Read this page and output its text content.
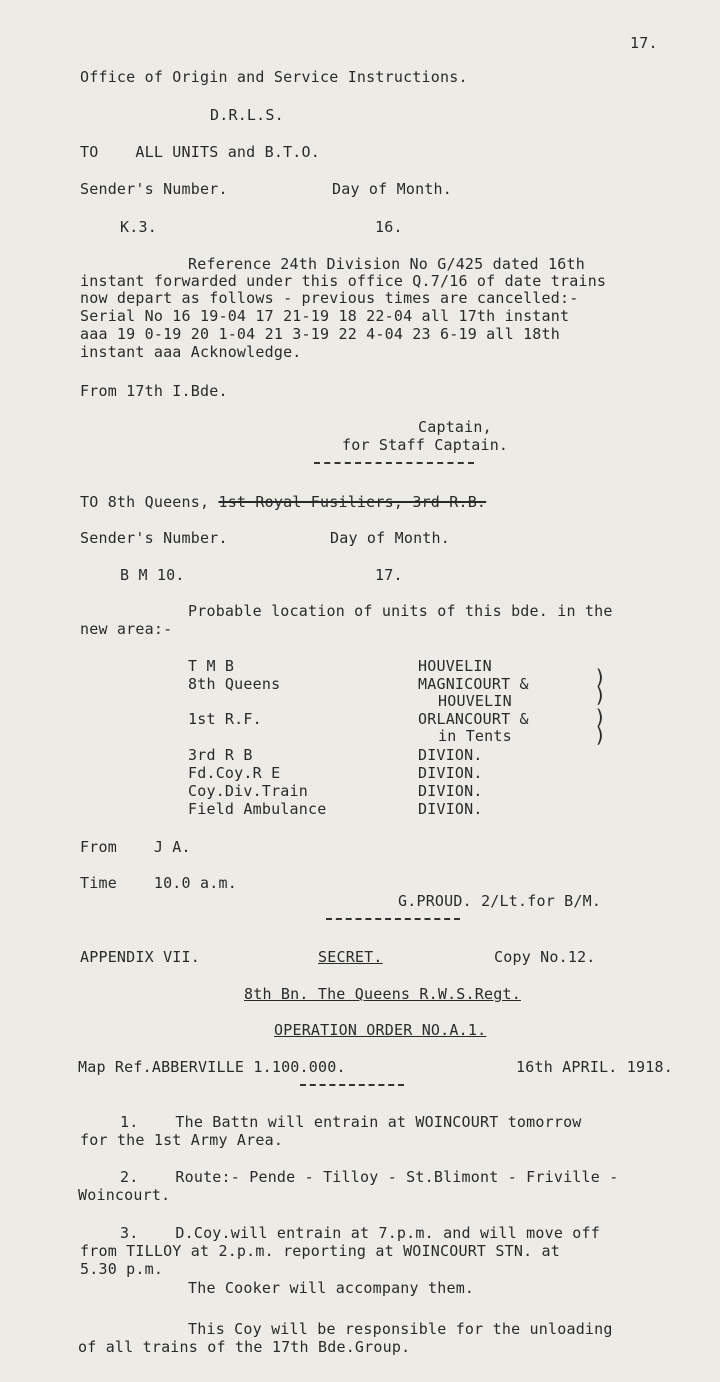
17.
Office of Origin and Service Instructions.
D.R.L.S.
TO    ALL UNITS and B.T.O.
Sender's Number.	Day of Month.
K.3.	16.
Reference 24th Division No G/425 dated 16th
instant forwarded under this office Q.7/16 of date trains
now depart as follows - previous times are cancelled:-
Serial No 16 19-04 17 21-19 18 22-04 all 17th instant
aaa 19 0-19 20 1-04 21 3-19 22 4-04 23 6-19 all 18th
instant aaa Acknowledge.
From 17th I.Bde.
Captain,
for Staff Captain.
TO 8th Queens, 1st Royal Fusiliers, 3rd R.B.
Sender's Number.	Day of Month.
B M 10.	17.
Probable location of units of this bde. in the
new area:-
T M B	HOUVELIN
8th Queens	MAGNICOURT &
HOUVELIN
1st R.F.	ORLANCOURT &
in Tents
3rd R B	DIVION.
Fd.Coy.R E	DIVION.
Coy.Div.Train	DIVION.
Field Ambulance	DIVION.
)
)
)
)
From    J A.
Time    10.0 a.m.
G.PROUD. 2/Lt.for B/M.
APPENDIX VII.	SECRET.	Copy No.12.
8th Bn. The Queens R.W.S.Regt.
OPERATION ORDER NO.A.1.
Map Ref.ABBERVILLE 1.100.000.	16th APRIL. 1918.
1.    The Battn will entrain at WOINCOURT tomorrow
for the 1st Army Area.
2.    Route:- Pende - Tilloy - St.Blimont - Friville -
Woincourt.
3.    D.Coy.will entrain at 7.p.m. and will move off
from TILLOY at 2.p.m. reporting at WOINCOURT STN. at
5.30 p.m.
The Cooker will accompany them.
This Coy will be responsible for the unloading
of all trains of the 17th Bde.Group.
